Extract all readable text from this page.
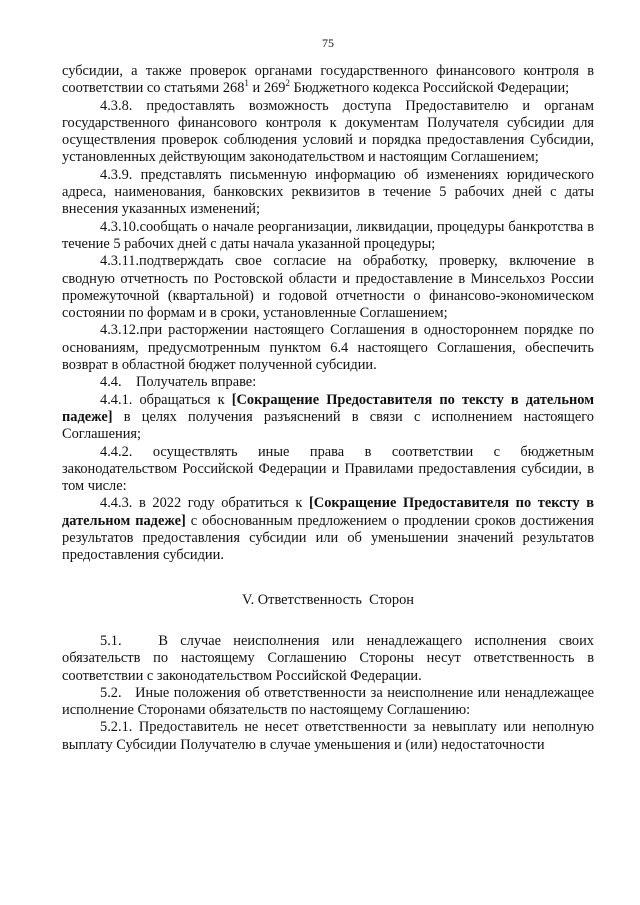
75

субсидии, а также проверок органами государственного финансового контроля в соответствии со статьями $268^1$ и $269^2$ Бюджетного кодекса Российской Федерации;

4.3.8. предоставлять возможность доступа Предоставителю и органам государственного финансового контроля к документам Получателя субсидии для осуществления проверок соблюдения условий и порядка предоставления Субсидии, установленных действующим законодательством и настоящим Соглашением;

4.3.9. представлять письменную информацию об изменениях юридического адреса, наименования, банковских реквизитов в течение 5 рабочих дней с даты внесения указанных изменений;

4.3.10.сообщать о начале реорганизации, ликвидации, процедуры банкротства в течение 5 рабочих дней с даты начала указанной процедуры;

4.3.11.подтверждать свое согласие на обработку, проверку, включение в сводную отчетность по Ростовской области и предоставление в Минсельхоз России промежуточной (квартальной) и годовой отчетности о финансово-экономическом состоянии по формам и в сроки, установленные Соглашением;

4.3.12.при расторжении настоящего Соглашения в одностороннем порядке по основаниям, предусмотренным пунктом 6.4 настоящего Соглашения, обеспечить возврат в областной бюджет полученной субсидии.

4.4.    Получатель вправе:

4.4.1. обращаться к [Сокращение Предоставителя по тексту в дательном падеже] в целях получения разъяснений в связи с исполнением настоящего Соглашения;

4.4.2. осуществлять иные права в соответствии с бюджетным законодательством Российской Федерации и Правилами предоставления субсидии, в том числе:

4.4.3. в 2022 году обратиться к [Сокращение Предоставителя по тексту в дательном падеже] с обоснованным предложением о продлении сроков достижения результатов предоставления субсидии или об уменьшении значений результатов предоставления субсидии.

V. Ответственность  Сторон

5.1.   В случае неисполнения или ненадлежащего исполнения своих обязательств по настоящему Соглашению Стороны несут ответственность в соответствии с законодательством Российской Федерации.

5.2.   Иные положения об ответственности за неисполнение или ненадлежащее исполнение Сторонами обязательств по настоящему Соглашению:

5.2.1. Предоставитель не несет ответственности за невыплату или неполную выплату Субсидии Получателю в случае уменьшения и (или) недостаточности
